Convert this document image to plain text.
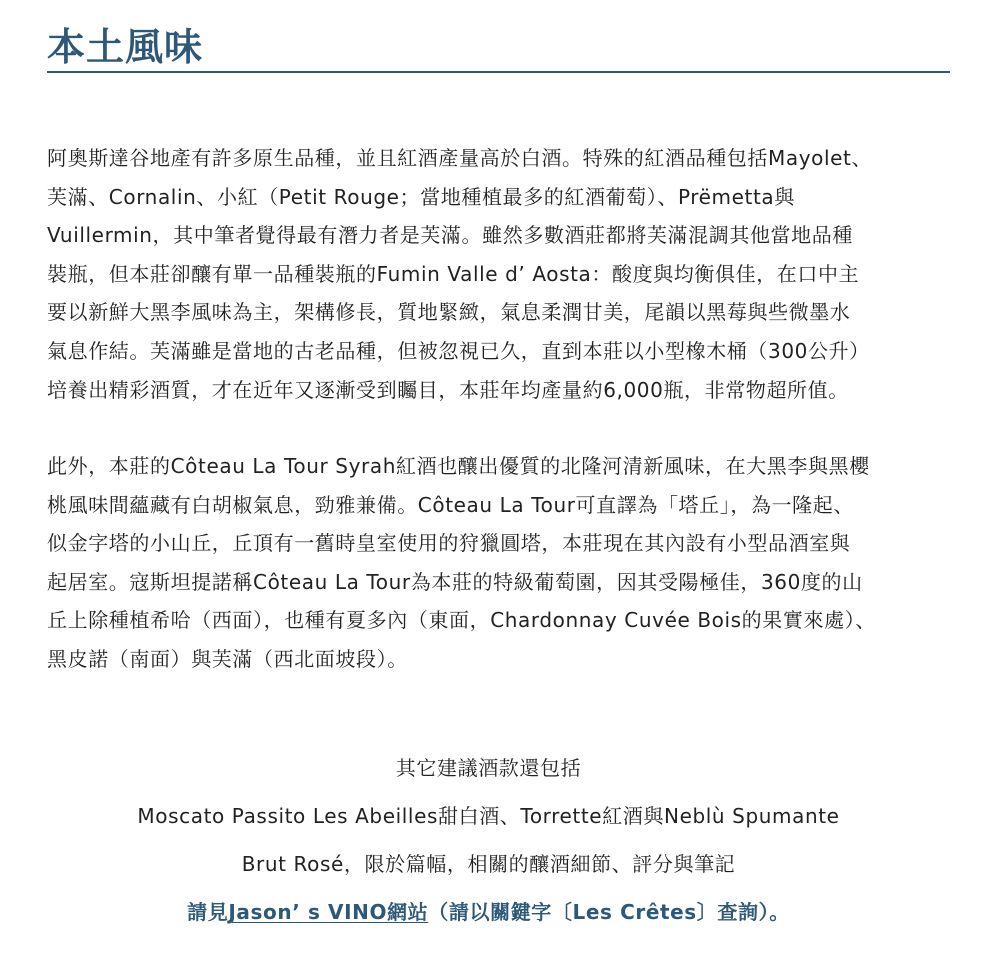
本土風味

阿奧斯達谷地產有許多原生品種，並且紅酒產量高於白酒。特殊的紅酒品種包括Mayolet、
芙滿、Cornalin、小紅（Petit Rouge；當地種植最多的紅酒葡萄）、Prëmetta與
Vuillermin，其中筆者覺得最有潛力者是芙滿。雖然多數酒莊都將芙滿混調其他當地品種
裝瓶，但本莊卻釀有單一品種裝瓶的Fumin Valle d’ Aosta：酸度與均衡俱佳，在口中主
要以新鮮大黑李風味為主，架構修長，質地緊緻，氣息柔潤甘美，尾韻以黑莓與些微墨水
氣息作結。芙滿雖是當地的古老品種，但被忽視已久，直到本莊以小型橡木桶（300公升）
培養出精彩酒質，才在近年又逐漸受到矚目，本莊年均產量約6,000瓶，非常物超所值。

此外，本莊的Côteau La Tour Syrah紅酒也釀出優質的北隆河清新風味，在大黑李與黑櫻
桃風味間蘊藏有白胡椒氣息，勁雅兼備。Côteau La Tour可直譯為「塔丘」，為一隆起、
似金字塔的小山丘，丘頂有一舊時皇室使用的狩獵圓塔，本莊現在其內設有小型品酒室與
起居室。寇斯坦提諾稱Côteau La Tour為本莊的特級葡萄園，因其受陽極佳，360度的山
丘上除種植希哈（西面），也種有夏多內（東面，Chardonnay Cuvée Bois的果實來處）、
黑皮諾（南面）與芙滿（西北面坡段）。

其它建議酒款還包括
Moscato Passito Les Abeilles甜白酒、Torrette紅酒與Neblù Spumante
Brut Rosé，限於篇幅，相關的釀酒細節、評分與筆記
請見Jason’ s VINO網站（請以關鍵字〔Les Crêtes〕查詢）。
